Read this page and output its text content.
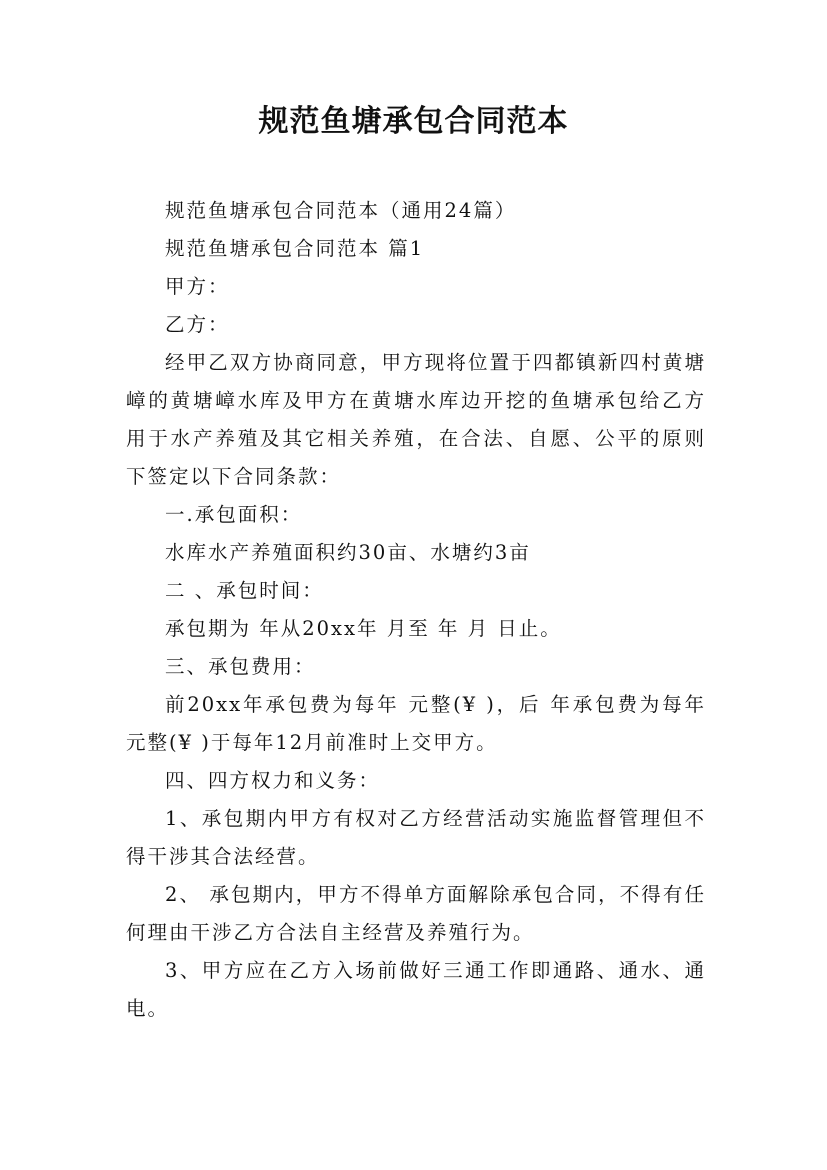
规范鱼塘承包合同范本

规范鱼塘承包合同范本（通用24篇）

规范鱼塘承包合同范本 篇1

甲方：

乙方：

经甲乙双方协商同意，甲方现将位置于四都镇新四村黄塘嶂的黄塘嶂水库及甲方在黄塘水库边开挖的鱼塘承包给乙方用于水产养殖及其它相关养殖，在合法、自愿、公平的原则下签定以下合同条款：

一.承包面积：

水库水产养殖面积约30亩、水塘约3亩

二 、承包时间：

承包期为 年从20xx年 月至 年 月 日止。

三、承包费用：

前20xx年承包费为每年 元整(¥ )，后 年承包费为每年 元整(¥ )于每年12月前准时上交甲方。

四、四方权力和义务：

1、承包期内甲方有权对乙方经营活动实施监督管理但不得干涉其合法经营。

2、 承包期内，甲方不得单方面解除承包合同，不得有任何理由干涉乙方合法自主经营及养殖行为。

3、甲方应在乙方入场前做好三通工作即通路、通水、通电。
